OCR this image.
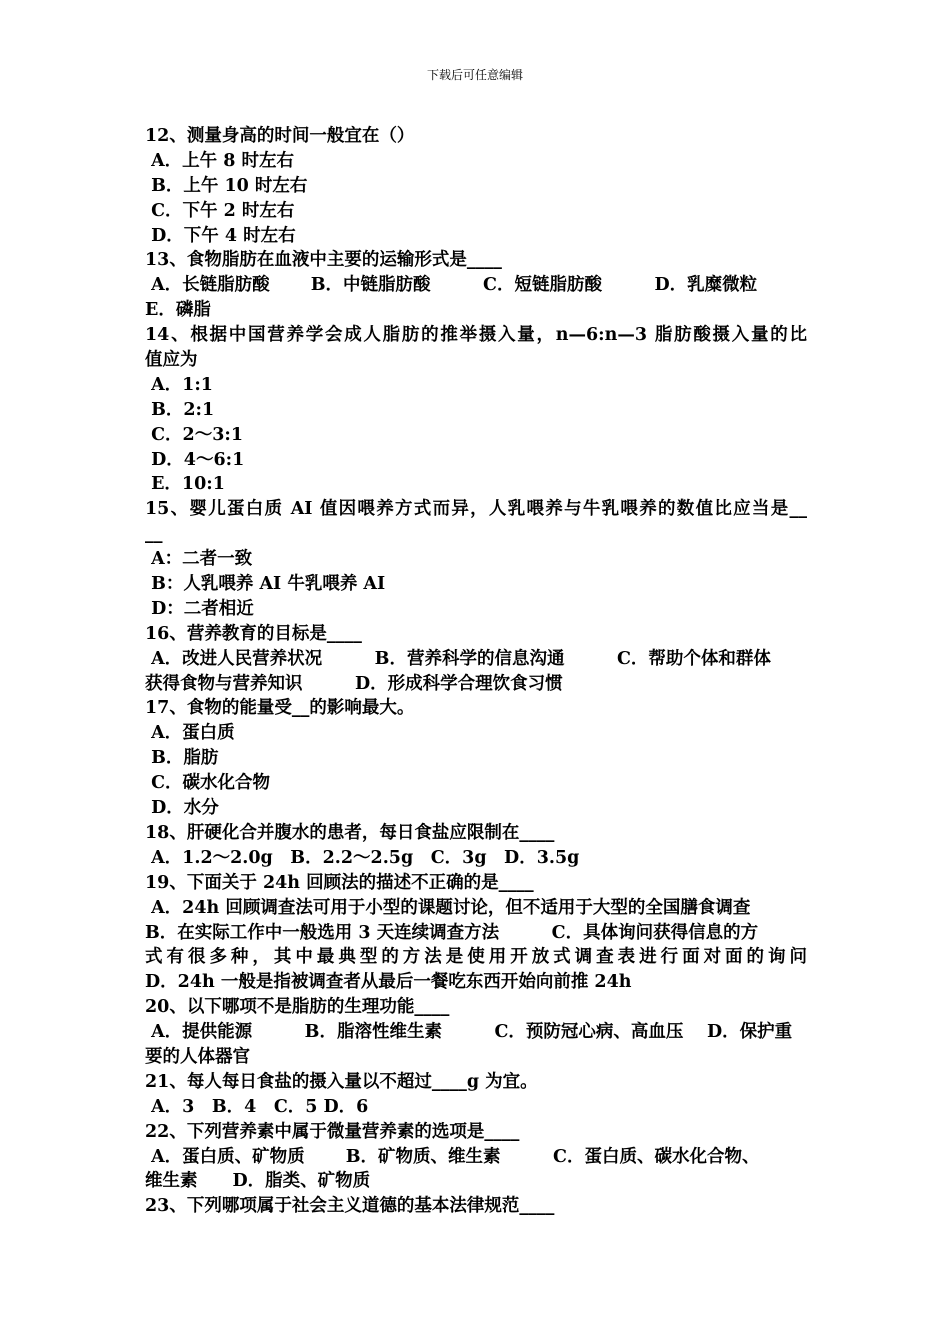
下载后可任意编辑
12、测量身高的时间一般宜在（）
A．上午 8 时左右
B．上午 10 时左右
C．下午 2 时左右
D．下午 4 时左右
13、食物脂肪在血液中主要的运输形式是____
A．长链脂肪酸　　 B．中链脂肪酸　　　C．短链脂肪酸　　　D．乳糜微粒
E．磷脂
14、根据中国营养学会成人脂肪的推举摄入量，n—6:n—3 脂肪酸摄入量的比
值应为
A．1:1
B．2:1
C．2～3:1
D．4～6:1
E．10:1
15、婴儿蛋白质 AI 值因喂养方式而异，人乳喂养与牛乳喂养的数值比应当是__
__
A：二者一致
B：人乳喂养 AI 牛乳喂养 AI
D：二者相近
16、营养教育的目标是____
A．改进人民营养状况　　　B．营养科学的信息沟通　　　C．帮助个体和群体
获得食物与营养知识　　　D．形成科学合理饮食习惯
17、食物的能量受__的影响最大。
A．蛋白质
B．脂肪
C．碳水化合物
D．水分
18、肝硬化合并腹水的患者，每日食盐应限制在____
A．1.2～2.0g　B．2.2～2.5g　C．3g　D．3.5g
19、下面关于 24h 回顾法的描述不正确的是____
A．24h 回顾调查法可用于小型的课题讨论，但不适用于大型的全国膳食调查
B．在实际工作中一般选用 3 天连续调查方法　　　C．具体询问获得信息的方
式有很多种，其中最典型的方法是使用开放式调查表进行面对面的询问
D．24h 一般是指被调查者从最后一餐吃东西开始向前推 24h
20、以下哪项不是脂肪的生理功能____
A．提供能源　　　B．脂溶性维生素　　　C．预防冠心病、高血压　 D．保护重
要的人体器官
21、每人每日食盐的摄入量以不超过____g 为宜。
A．3　B．4　C．5 D．6
22、下列营养素中属于微量营养素的选项是____
A．蛋白质、矿物质　　 B．矿物质、维生素　　　C．蛋白质、碳水化合物、
维生素　　D．脂类、矿物质
23、下列哪项属于社会主义道德的基本法律规范____
